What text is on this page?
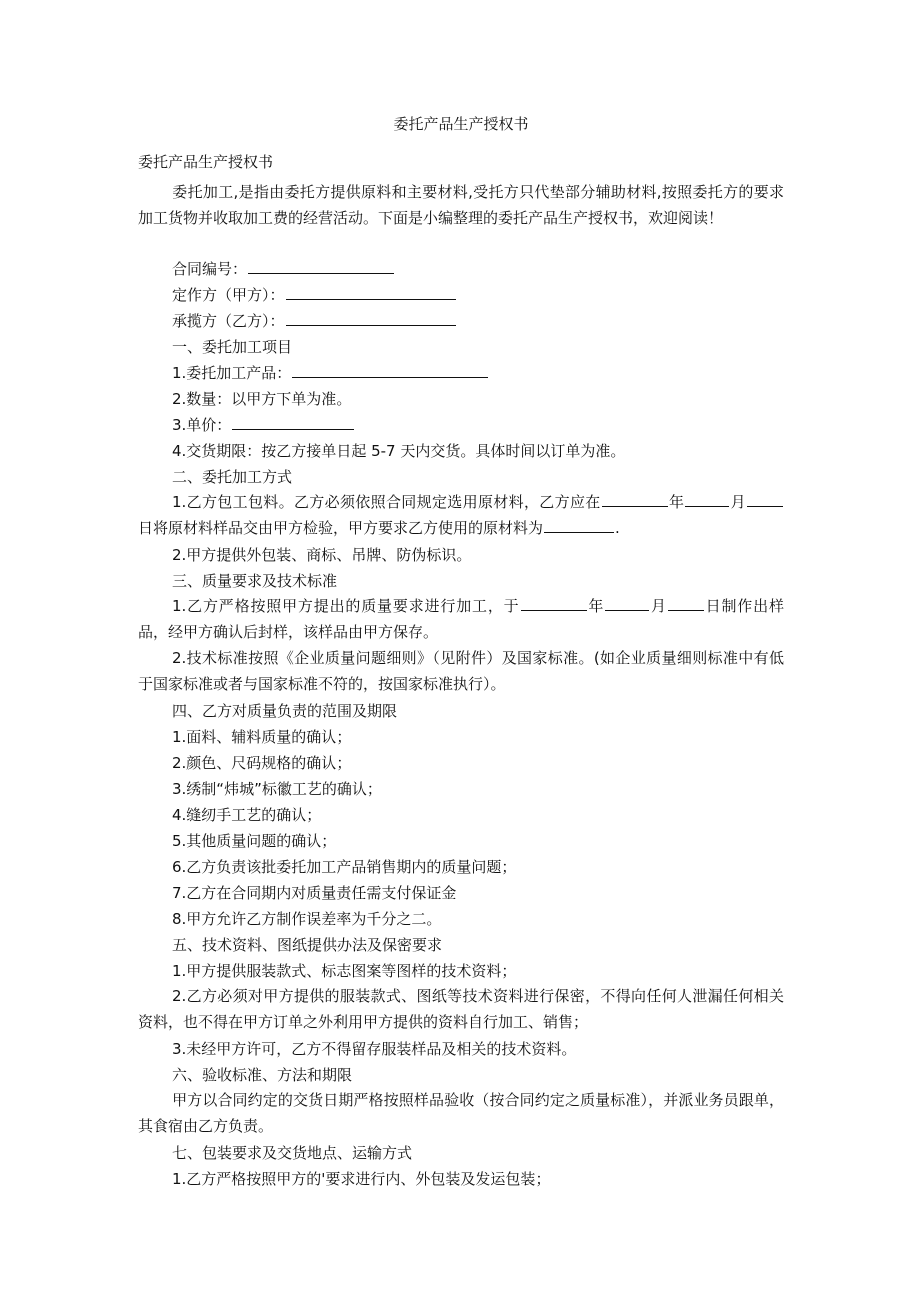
委托产品生产授权书
委托产品生产授权书
委托加工,是指由委托方提供原料和主要材料,受托方只代垫部分辅助材料,按照委托方的要求加工货物并收取加工费的经营活动。下面是小编整理的委托产品生产授权书，欢迎阅读！
合同编号：
定作方（甲方）：
承揽方（乙方）：
一、委托加工项目
1.委托加工产品：
2.数量：以甲方下单为准。
3.单价：
4.交货期限：按乙方接单日起 5-7 天内交货。具体时间以订单为准。
二、委托加工方式
1.乙方包工包料。乙方必须依照合同规定选用原材料，乙方应在	年	月日将原材料样品交由甲方检验，甲方要求乙方使用的原材料为	.
2.甲方提供外包装、商标、吊牌、防伪标识。
三、质量要求及技术标准
1.乙方严格按照甲方提出的质量要求进行加工，于	年	月	日制作出样品，经甲方确认后封样，该样品由甲方保存。
2.技术标准按照《企业质量问题细则》（见附件）及国家标准。(如企业质量细则标准中有低于国家标准或者与国家标准不符的，按国家标准执行）。
四、乙方对质量负责的范围及期限
1.面料、辅料质量的确认；
2.颜色、尺码规格的确认；
3.绣制“炜城”标徽工艺的确认；
4.缝纫手工艺的确认；
5.其他质量问题的确认；
6.乙方负责该批委托加工产品销售期内的质量问题；
7.乙方在合同期内对质量责任需支付保证金
8.甲方允许乙方制作误差率为千分之二。
五、技术资料、图纸提供办法及保密要求
1.甲方提供服装款式、标志图案等图样的技术资料；
2.乙方必须对甲方提供的服装款式、图纸等技术资料进行保密，不得向任何人泄漏任何相关资料，也不得在甲方订单之外利用甲方提供的资料自行加工、销售；
3.未经甲方许可，乙方不得留存服装样品及相关的技术资料。
六、验收标准、方法和期限
甲方以合同约定的交货日期严格按照样品验收（按合同约定之质量标准），并派业务员跟单，其食宿由乙方负责。
七、包装要求及交货地点、运输方式
1.乙方严格按照甲方的'要求进行内、外包装及发运包装；
